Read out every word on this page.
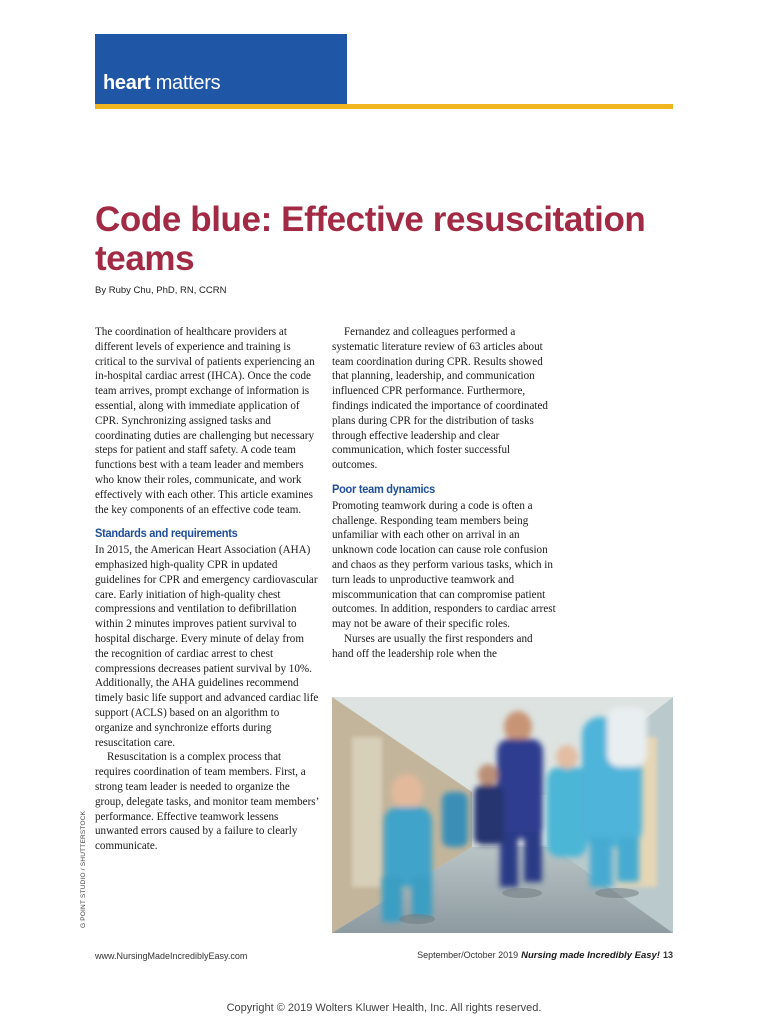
heart matters
Code blue: Effective resuscitation teams
By Ruby Chu, PhD, RN, CCRN

The coordination of healthcare providers at different levels of experience and training is critical to the survival of patients experiencing an in-hospital cardiac arrest (IHCA). Once the code team arrives, prompt exchange of information is essential, along with immediate application of CPR. Synchronizing assigned tasks and coordinating duties are challenging but necessary steps for patient and staff safety. A code team functions best with a team leader and members who know their roles, communicate, and work effectively with each other. This article examines the key components of an effective code team.

Standards and requirements

In 2015, the American Heart Association (AHA) emphasized high-quality CPR in updated guidelines for CPR and emergency cardiovascular care. Early initiation of high-quality chest compressions and ventilation to defibrillation within 2 minutes improves patient survival to hospital discharge. Every minute of delay from the recognition of cardiac arrest to chest compressions decreases patient survival by 10%. Additionally, the AHA guidelines recommend timely basic life support and advanced cardiac life support (ACLS) based on an algorithm to organize and synchronize efforts during resuscitation care.

Resuscitation is a complex process that requires coordination of team members. First, a strong team leader is needed to organize the group, delegate tasks, and monitor team members’ performance. Effective teamwork lessens unwanted errors caused by a failure to clearly communicate.

Fernandez and colleagues performed a systematic literature review of 63 articles about team coordination during CPR. Results showed that planning, leadership, and communication influenced CPR performance. Furthermore, findings indicated the importance of coordinated plans during CPR for the distribution of tasks through effective leadership and clear communication, which foster successful outcomes.

Poor team dynamics

Promoting teamwork during a code is often a challenge. Responding team members being unfamiliar with each other on arrival in an unknown code location can cause role confusion and chaos as they perform various tasks, which in turn leads to unproductive teamwork and miscommunication that can compromise patient outcomes. In addition, responders to cardiac arrest may not be aware of their specific roles.

Nurses are usually the first responders and hand off the leadership role when the

G POINT STUDIO / SHUTTERSTOCK
www.NursingMadeIncrediblyEasy.com	September/October 2019 Nursing made Incredibly Easy! 13
Copyright © 2019 Wolters Kluwer Health, Inc. All rights reserved.
